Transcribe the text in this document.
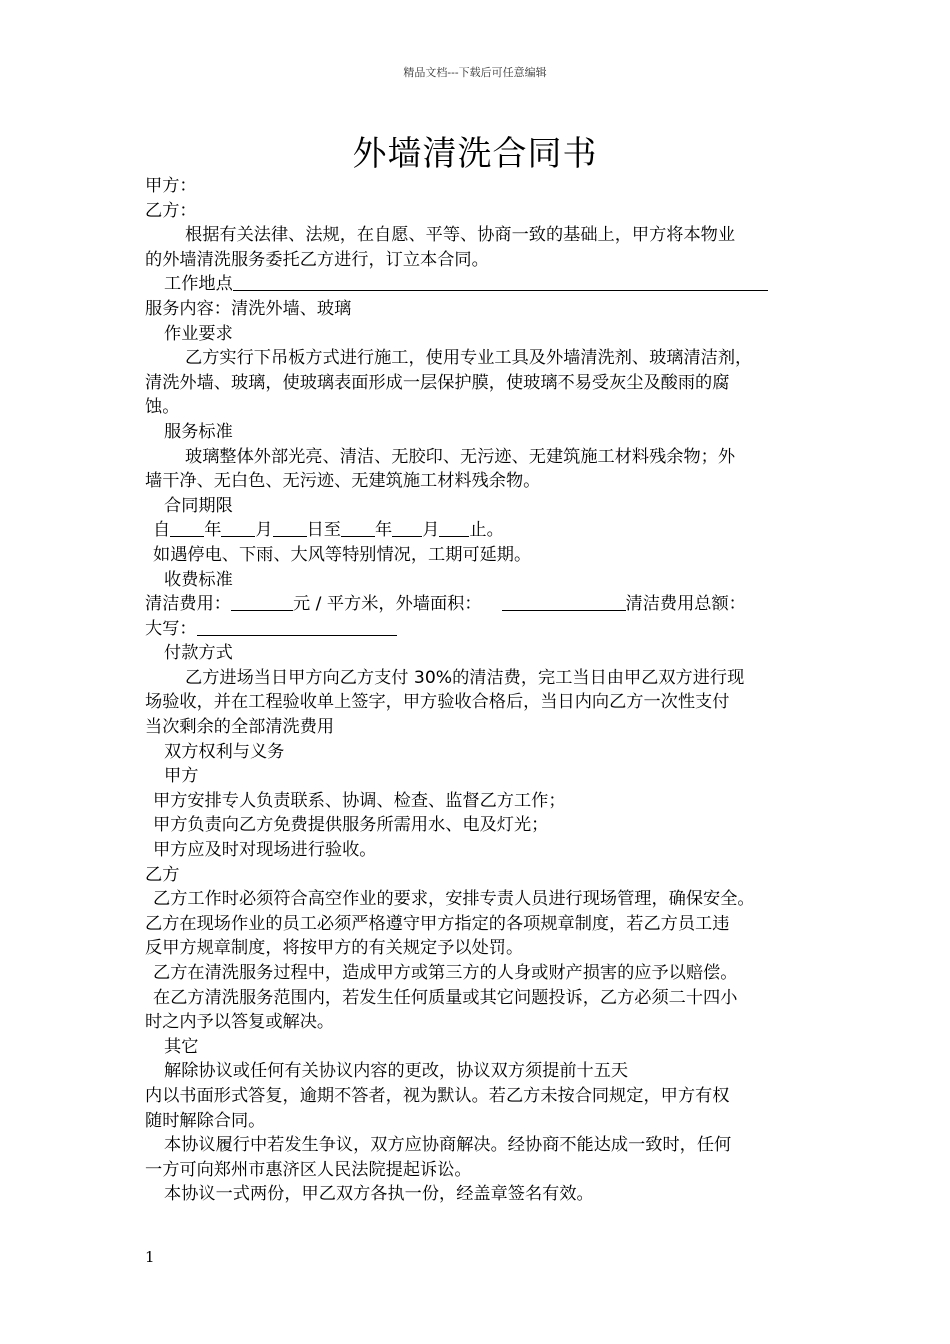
精品文档---下载后可任意编辑
外墙清洗合同书

甲方：

乙方：

根据有关法律、法规，在自愿、平等、协商一致的基础上，甲方将本物业

的外墙清洗服务委托乙方进行，订立本合同。

工作地点

服务内容：清洗外墙、玻璃

作业要求

乙方实行下吊板方式进行施工，使用专业工具及外墙清洗剂、玻璃清洁剂，

清洗外墙、玻璃，使玻璃表面形成一层保护膜，使玻璃不易受灰尘及酸雨的腐

蚀。

服务标准

玻璃整体外部光亮、清洁、无胶印、无污迹、无建筑施工材料残余物；外

墙干净、无白色、无污迹、无建筑施工材料残余物。

合同期限

自 年 月 日至 年 月 止。

如遇停电、下雨、大风等特别情况，工期可延期。

收费标准

清洁费用：	元 / 平方米，外墙面积：	清洁费用总额：

大写：

付款方式

乙方进场当日甲方向乙方支付 30%的清洁费，完工当日由甲乙双方进行现

场验收，并在工程验收单上签字，甲方验收合格后，当日内向乙方一次性支付

当次剩余的全部清洗费用

双方权利与义务

甲方

甲方安排专人负责联系、协调、检查、监督乙方工作；

甲方负责向乙方免费提供服务所需用水、电及灯光；

甲方应及时对现场进行验收。

乙方

乙方工作时必须符合高空作业的要求，安排专责人员进行现场管理，确保安全。

乙方在现场作业的员工必须严格遵守甲方指定的各项规章制度，若乙方员工违

反甲方规章制度，将按甲方的有关规定予以处罚。

乙方在清洗服务过程中，造成甲方或第三方的人身或财产损害的应予以赔偿。

在乙方清洗服务范围内，若发生任何质量或其它问题投诉，乙方必须二十四小

时之内予以答复或解决。

其它

解除协议或任何有关协议内容的更改，协议双方须提前十五天

内以书面形式答复，逾期不答者，视为默认。若乙方未按合同规定，甲方有权

随时解除合同。

本协议履行中若发生争议，双方应协商解决。经协商不能达成一致时，任何

一方可向郑州市惠济区人民法院提起诉讼。

本协议一式两份，甲乙双方各执一份，经盖章签名有效。

1
